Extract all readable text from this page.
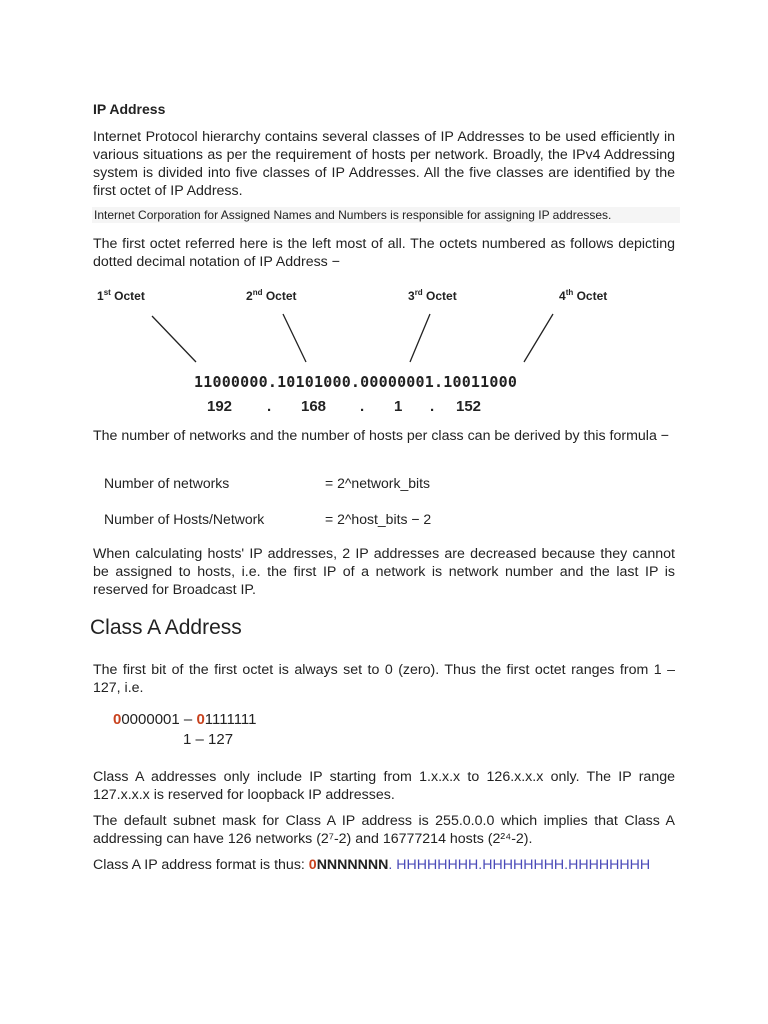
IP Address
Internet Protocol hierarchy contains several classes of IP Addresses to be used efficiently in various situations as per the requirement of hosts per network. Broadly, the IPv4 Addressing system is divided into five classes of IP Addresses. All the five classes are identified by the first octet of IP Address.
Internet Corporation for Assigned Names and Numbers is responsible for assigning IP addresses.
The first octet referred here is the left most of all. The octets numbered as follows depicting dotted decimal notation of IP Address −
1st Octet	2nd Octet	3rd Octet	4th Octet
11000000.10101000.00000001.10011000
192 . 168 . 1 . 152
The number of networks and the number of hosts per class can be derived by this formula −
Number of networks	= 2^network_bits
Number of Hosts/Network	= 2^host_bits − 2
When calculating hosts' IP addresses, 2 IP addresses are decreased because they cannot be assigned to hosts, i.e. the first IP of a network is network number and the last IP is reserved for Broadcast IP.
Class A Address
The first bit of the first octet is always set to 0 (zero). Thus the first octet ranges from 1 – 127, i.e.
00000001 – 01111111
1 – 127
Class A addresses only include IP starting from 1.x.x.x to 126.x.x.x only. The IP range 127.x.x.x is reserved for loopback IP addresses.
The default subnet mask for Class A IP address is 255.0.0.0 which implies that Class A addressing can have 126 networks (2⁷-2) and 16777214 hosts (2²⁴-2).
Class A IP address format is thus: 0NNNNNNN. HHHHHHHH.HHHHHHHH.HHHHHHHH
